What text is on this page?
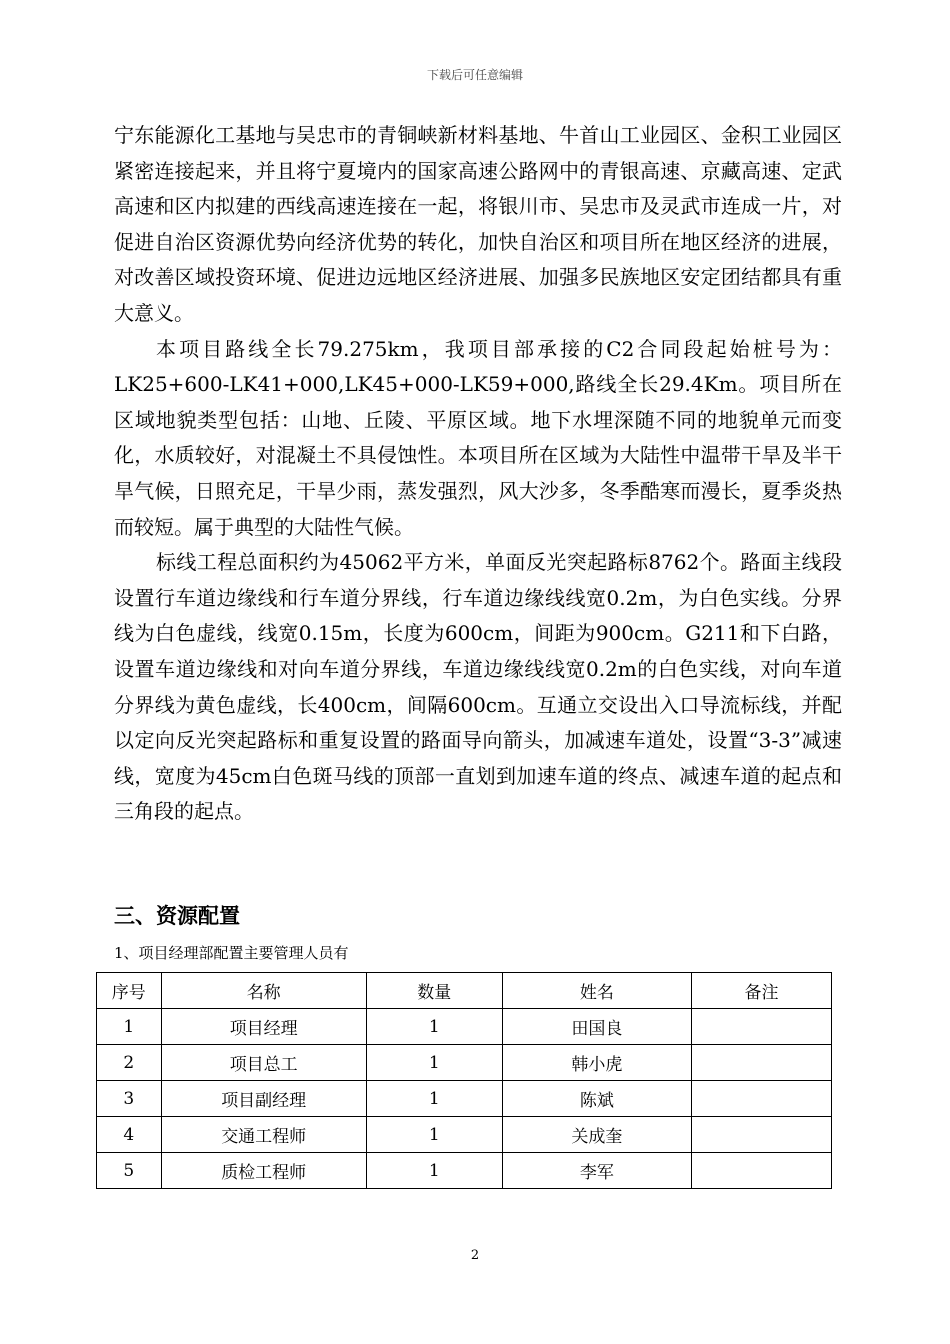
下载后可任意编辑

宁东能源化工基地与吴忠市的青铜峡新材料基地、牛首山工业园区、金积工业园区紧密连接起来，并且将宁夏境内的国家高速公路网中的青银高速、京藏高速、定武高速和区内拟建的西线高速连接在一起，将银川市、吴忠市及灵武市连成一片，对促进自治区资源优势向经济优势的转化，加快自治区和项目所在地区经济的进展，对改善区域投资环境、促进边远地区经济进展、加强多民族地区安定团结都具有重大意义。

本项目路线全长79.275km，我项目部承接的C2合同段起始桩号为：LK25+600-LK41+000,LK45+000-LK59+000,路线全长29.4Km。项目所在区域地貌类型包括：山地、丘陵、平原区域。地下水埋深随不同的地貌单元而变化，水质较好，对混凝土不具侵蚀性。本项目所在区域为大陆性中温带干旱及半干旱气候，日照充足，干旱少雨，蒸发强烈，风大沙多，冬季酷寒而漫长，夏季炎热而较短。属于典型的大陆性气候。

标线工程总面积约为45062平方米，单面反光突起路标8762个。路面主线段设置行车道边缘线和行车道分界线，行车道边缘线线宽0.2m，为白色实线。分界线为白色虚线，线宽0.15m，长度为600cm，间距为900cm。G211和下白路，设置车道边缘线和对向车道分界线，车道边缘线线宽0.2m的白色实线，对向车道分界线为黄色虚线，长400cm，间隔600cm。互通立交设出入口导流标线，并配以定向反光突起路标和重复设置的路面导向箭头，加减速车道处，设置“3-3”减速线，宽度为45cm白色斑马线的顶部一直划到加速车道的终点、减速车道的起点和三角段的起点。

三、资源配置
1、项目经理部配置主要管理人员有
序号	名称	数量	姓名	备注
1	项目经理	1	田国良	
2	项目总工	1	韩小虎	
3	项目副经理	1	陈斌	
4	交通工程师	1	关成奎	
5	质检工程师	1	李军	
2
